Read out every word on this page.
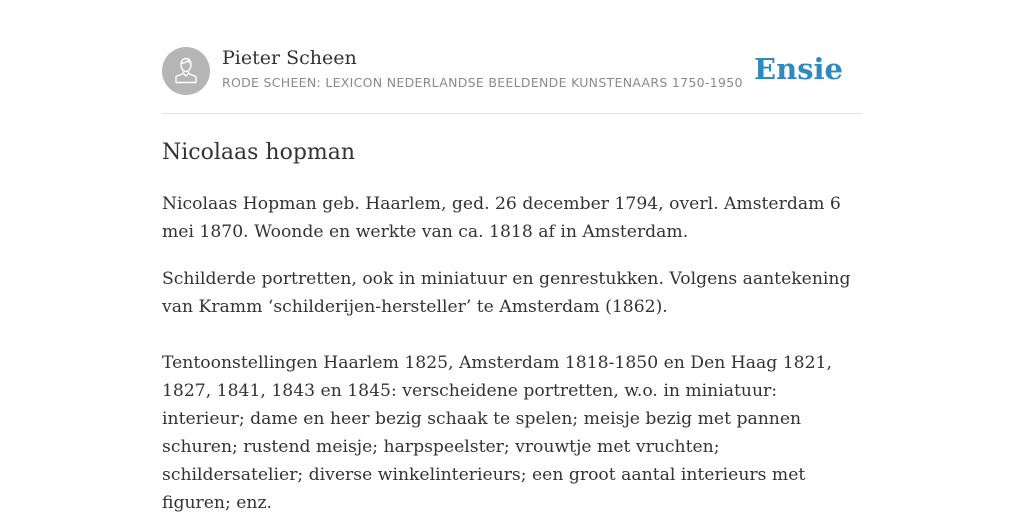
Pieter Scheen
RODE SCHEEN: LEXICON NEDERLANDSE BEELDENDE KUNSTENAARS 1750-1950 Ensie
Nicolaas hopman

Nicolaas Hopman geb. Haarlem, ged. 26 december 1794, overl. Amsterdam 6 mei 1870. Woonde en werkte van ca. 1818 af in Amsterdam.

Schilderde portretten, ook in miniatuur en genrestukken. Volgens aantekening van Kramm ‘schilderijen-hersteller’ te Amsterdam (1862).

Tentoonstellingen Haarlem 1825, Amsterdam 1818-1850 en Den Haag 1821, 1827, 1841, 1843 en 1845: verscheidene portretten, w.o. in miniatuur: interieur; dame en heer bezig schaak te spelen; meisje bezig met pannen schuren; rustend meisje; harpspeelster; vrouwtje met vruchten; schildersatelier; diverse winkelinterieurs; een groot aantal interieurs met figuren; enz.
